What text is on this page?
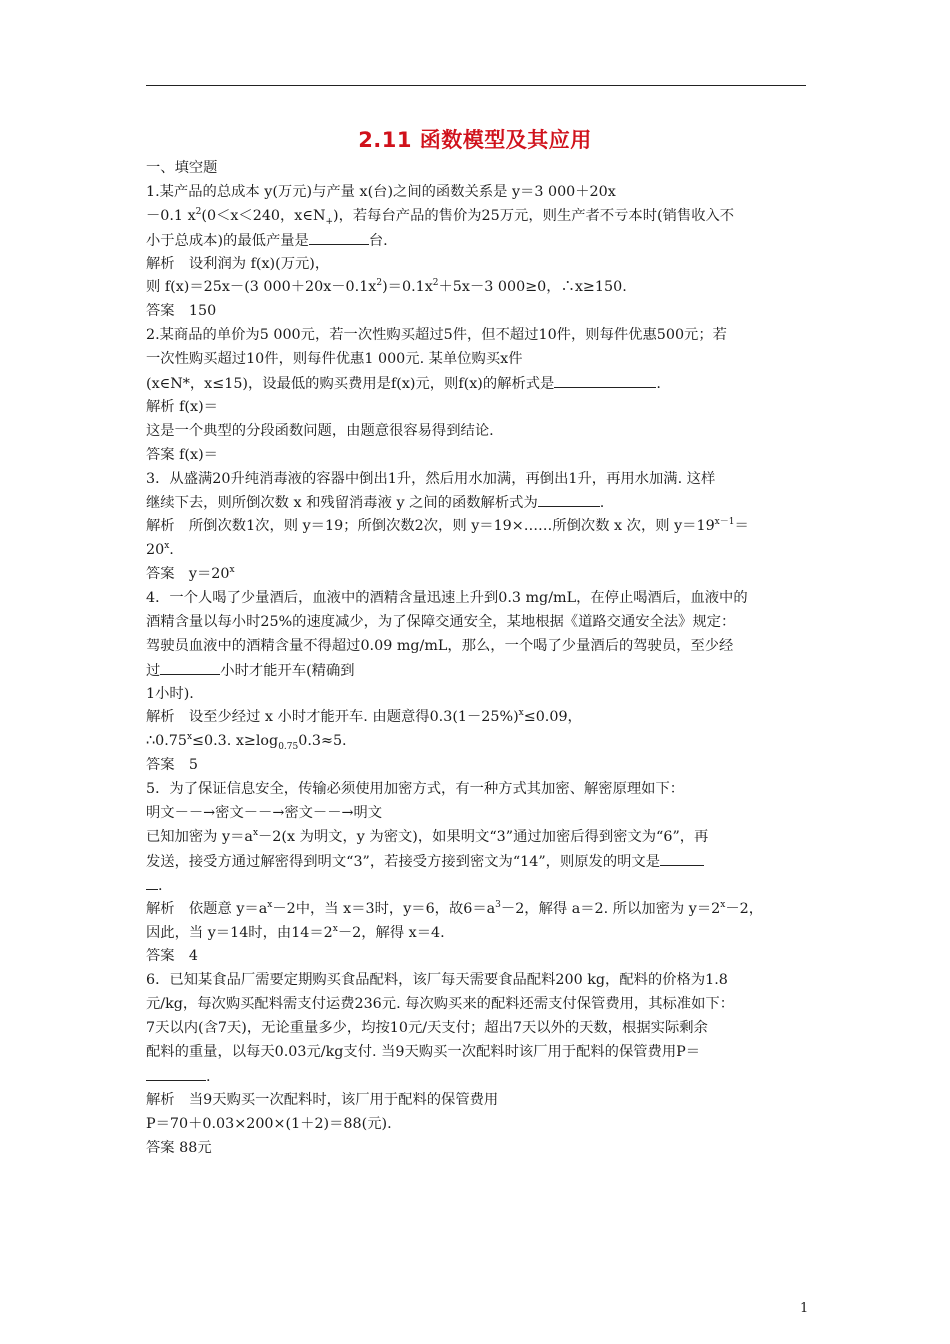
2.11 函数模型及其应用
一、填空题
1.某产品的总成本 y(万元)与产量 x(台)之间的函数关系是 y＝3 000＋20x
－0.1 $x^2(0<x<240$，$x\in N_+$)，若每台产品的售价为25万元，则生产者不亏本时(销售收入不
小于总成本)的最低产量是	台.
解析　设利润为 f(x)(万元)，
则 f(x)＝25x－(3 $000+20x-0.1x^2)=0.1x^2+5x-3$ 000≥0，∴x≥150.
答案　150
2.某商品的单价为5 000元，若一次性购买超过5件，但不超过10件，则每件优惠500元；若
一次性购买超过10件，则每件优惠1 000元. 某单位购买x件
(x∈N*，x≤15)，设最低的购买费用是f(x)元，则f(x)的解析式是	.
解析 f(x)＝
这是一个典型的分段函数问题，由题意很容易得到结论.
答案 f(x)＝
3．从盛满20升纯消毒液的容器中倒出1升，然后用水加满，再倒出1升，再用水加满. 这样
继续下去，则所倒次数 x 和残留消毒液 y 之间的函数解析式为	.
解析　所倒次数1次，则 y＝19；所倒次数2次，则 y＝19×……所倒次数 x 次，则 $y=19^{x-1}=$
$20^x$.
答案　$y=20^x$
4．一个人喝了少量酒后，血液中的酒精含量迅速上升到0.3 mg/mL，在停止喝酒后，血液中的
酒精含量以每小时25%的速度减少，为了保障交通安全，某地根据《道路交通安全法》规定：
驾驶员血液中的酒精含量不得超过0.09 mg/mL，那么，一个喝了少量酒后的驾驶员，至少经
过	小时才能开车(精确到
1小时).
解析　设至少经过 x 小时才能开车. 由题意得$0.3(1-25\%)^x\le 0.09$，
$\therefore 0.75^x\le 0.3$. $x\ge\log_{0.75}0.3\approx 5$.
答案　5
5．为了保证信息安全，传输必须使用加密方式，有一种方式其加密、解密原理如下：
明文－－→密文－－→密文－－→明文
已知加密为 $y=a^x-2(x$ 为明文，y 为密文)，如果明文“3”通过加密后得到密文为“6”，再
发送，接受方通过解密得到明文“3”，若接受方接到密文为“14”，则原发的明文是
.
解析　依题意 $y=a^x-2$中，当 x＝3时，y＝6，故$6=a^3-2$，解得 a＝2. 所以加密为 $y=2^x-2$，
因此，当 y＝14时，由$14=2^x-2$，解得 x＝4.
答案　4
6．已知某食品厂需要定期购买食品配料，该厂每天需要食品配料200 kg，配料的价格为1.8
元/kg，每次购买配料需支付运费236元. 每次购买来的配料还需支付保管费用，其标准如下：
7天以内(含7天)，无论重量多少，均按10元/天支付；超出7天以外的天数，根据实际剩余
配料的重量，以每天0.03元/kg支付. 当9天购买一次配料时该厂用于配料的保管费用P＝
.
解析　当9天购买一次配料时，该厂用于配料的保管费用
P＝70＋0.03×200×(1＋2)＝88(元).
答案 88元
1
